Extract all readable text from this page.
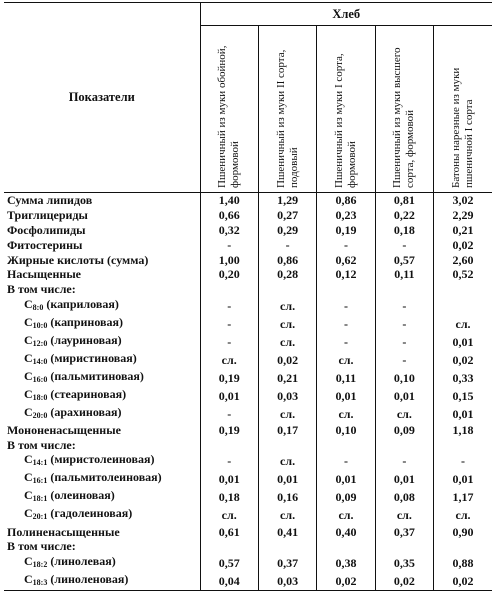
Показатели	Хлеб				

	Пшеничный из муки обойной, формовой	Пшеничный из муки II сорта, подовый	Пшеничный из муки I сорта, формовой	Пшеничный из муки высшего сорта, формовой	Батоны нарезные из муки пшеничной I сорта

Сумма липидов	1,40	1,29	0,86	0,81	3,02
Триглицериды	0,66	0,27	0,23	0,22	2,29
Фосфолипиды	0,32	0,29	0,19	0,18	0,21
Фитостерины	-	-	-	-	0,02
Жирные кислоты (сумма)	1,00	0,86	0,62	0,57	2,60
Насыщенные	0,20	0,28	0,12	0,11	0,52
В том числе:					
$C_{8:0}$ (каприловая)	-	сл.	-	-	
$C_{10:0}$ (каприновая)	-	сл.	-	-	сл.
$C_{12:0}$ (лауриновая)	-	сл.	-	-	0,01
$C_{14:0}$ (миристиновая)	сл.	0,02	сл.	-	0,02
$C_{16:0}$ (пальмитиновая)	0,19	0,21	0,11	0,10	0,33
$C_{18:0}$ (стеариновая)	0,01	0,03	0,01	0,01	0,15
$C_{20:0}$ (арахиновая)	-	сл.	сл.	сл.	0,01
Мононенасыщенные	0,19	0,17	0,10	0,09	1,18
В том числе:					
$C_{14:1}$ (миристолеиновая)	-	сл.	-	-	-
$C_{16:1}$ (пальмитолеиновая)	0,01	0,01	0,01	0,01	0,01
$C_{18:1}$ (олеиновая)	0,18	0,16	0,09	0,08	1,17
$C_{20:1}$ (гадолеиновая)	сл.	сл.	сл.	сл.	сл.
Полиненасыщенные	0,61	0,41	0,40	0,37	0,90
В том числе:					
$C_{18:2}$ (линолевая)	0,57	0,37	0,38	0,35	0,88
$C_{18:3}$ (линоленовая)	0,04	0,03	0,02	0,02	0,02
